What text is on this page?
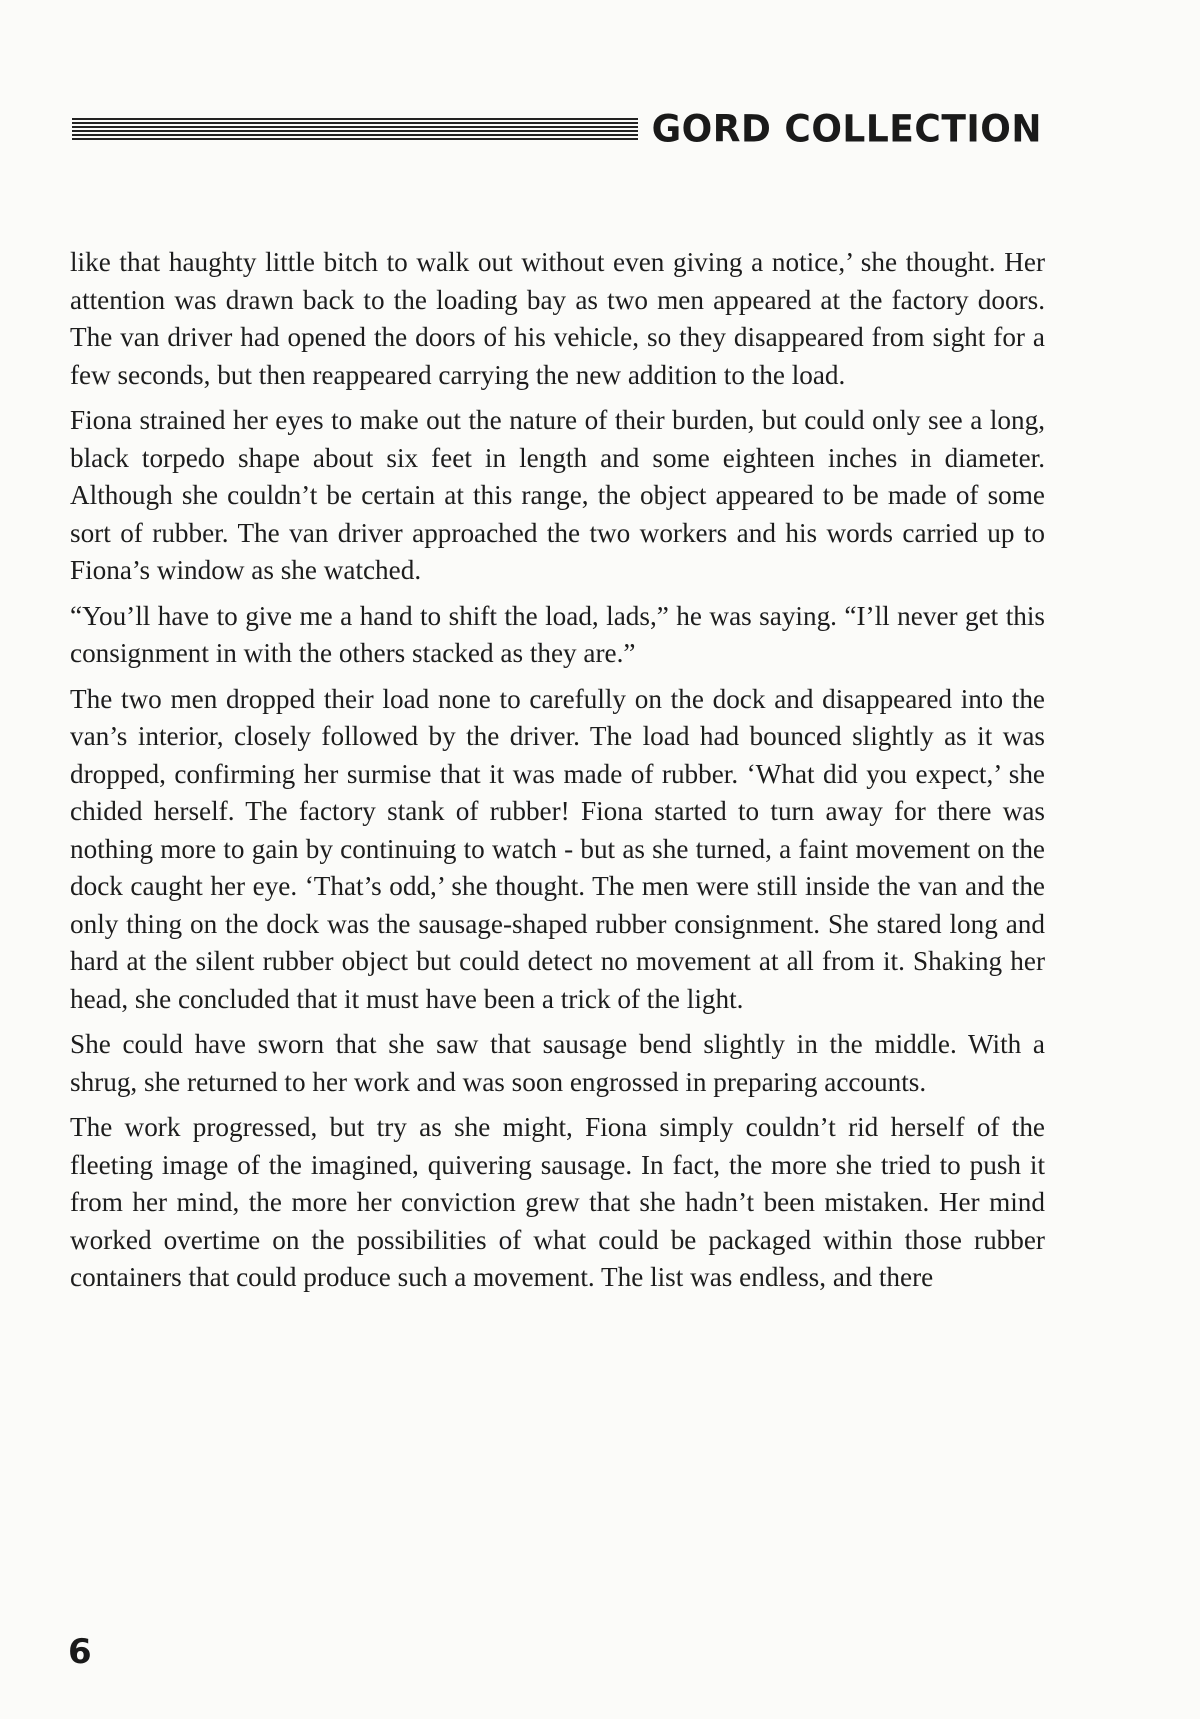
GORD COLLECTION

like that haughty little bitch to walk out without even giving a notice,’ she thought. Her attention was drawn back to the loading bay as two men appeared at the factory doors. The van driver had opened the doors of his vehicle, so they disappeared from sight for a few seconds, but then reappeared carrying the new addition to the load.

Fiona strained her eyes to make out the nature of their burden, but could only see a long, black torpedo shape about six feet in length and some eighteen inches in diameter. Although she couldn’t be certain at this range, the object appeared to be made of some sort of rubber. The van driver approached the two workers and his words carried up to Fiona’s window as she watched.

“You’ll have to give me a hand to shift the load, lads,” he was saying. “I’ll never get this consignment in with the others stacked as they are.”

The two men dropped their load none to carefully on the dock and disappeared into the van’s interior, closely followed by the driver. The load had bounced slightly as it was dropped, confirming her surmise that it was made of rubber. ‘What did you expect,’ she chided herself. The factory stank of rubber! Fiona started to turn away for there was nothing more to gain by continuing to watch - but as she turned, a faint movement on the dock caught her eye. ‘That’s odd,’ she thought. The men were still inside the van and the only thing on the dock was the sausage-shaped rubber consignment. She stared long and hard at the silent rubber object but could detect no movement at all from it. Shaking her head, she concluded that it must have been a trick of the light.

She could have sworn that she saw that sausage bend slightly in the middle. With a shrug, she returned to her work and was soon engrossed in preparing accounts.

The work progressed, but try as she might, Fiona simply couldn’t rid herself of the fleeting image of the imagined, quivering sausage. In fact, the more she tried to push it from her mind, the more her conviction grew that she hadn’t been mistaken. Her mind worked overtime on the possibilities of what could be packaged within those rubber containers that could produce such a movement. The list was endless, and there

6
